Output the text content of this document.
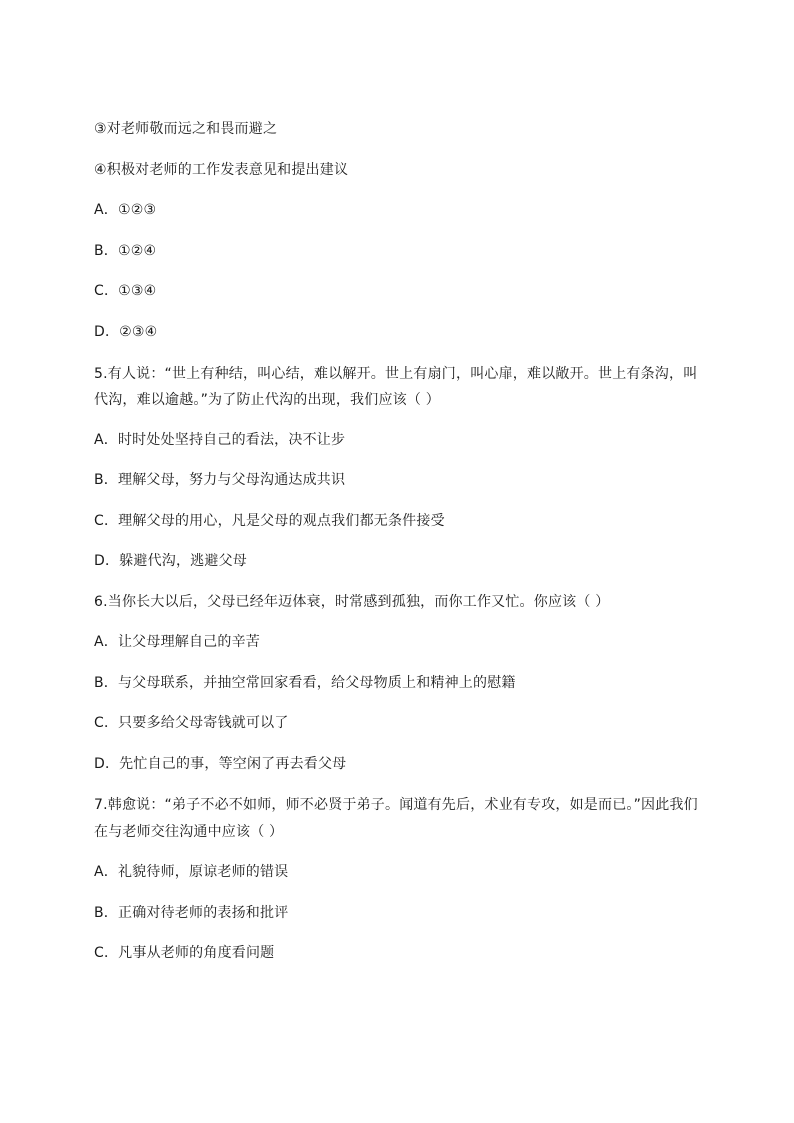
③对老师敬而远之和畏而避之
④积极对老师的工作发表意见和提出建议
A．①②③
B．①②④
C．①③④
D．②③④
5.有人说：“世上有种结，叫心结，难以解开。世上有扇门，叫心扉，难以敞开。世上有条沟，叫
代沟，难以逾越。”为了防止代沟的出现，我们应该（ ）
A．时时处处坚持自己的看法，决不让步
B．理解父母，努力与父母沟通达成共识
C．理解父母的用心，凡是父母的观点我们都无条件接受
D．躲避代沟，逃避父母
6.当你长大以后，父母已经年迈体衰，时常感到孤独，而你工作又忙。你应该（ ）
A．让父母理解自己的辛苦
B．与父母联系，并抽空常回家看看，给父母物质上和精神上的慰籍
C．只要多给父母寄钱就可以了
D．先忙自己的事，等空闲了再去看父母
7.韩愈说：“弟子不必不如师，师不必贤于弟子。闻道有先后，术业有专攻，如是而已。”因此我们
在与老师交往沟通中应该（ ）
A．礼貌待师，原谅老师的错误
B．正确对待老师的表扬和批评
C．凡事从老师的角度看问题
